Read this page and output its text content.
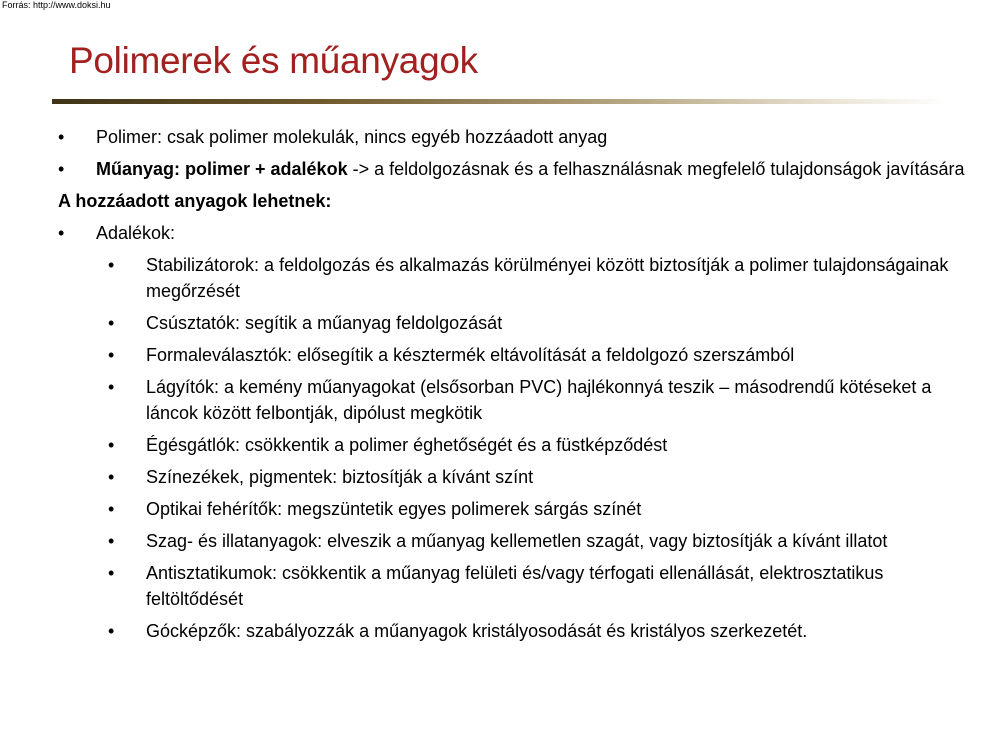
Forrás: http://www.doksi.hu
Polimerek és műanyagok
• Polimer: csak polimer molekulák, nincs egyéb hozzáadott anyag
• Műanyag: polimer + adalékok -> a feldolgozásnak és a felhasználásnak megfelelő tulajdonságok javítására
A hozzáadott anyagok lehetnek:
• Adalékok:
• Stabilizátorok: a feldolgozás és alkalmazás körülményei között biztosítják a polimer tulajdonságainak megőrzését
• Csúsztatók: segítik a műanyag feldolgozását
• Formaleválasztók: elősegítik a késztermék eltávolítását a feldolgozó szerszámból
• Lágyítók: a kemény műanyagokat (elsősorban PVC) hajlékonnyá teszik – másodrendű kötéseket a láncok között felbontják, dipólust megkötik
• Égésgátlók: csökkentik a polimer éghetőségét és a füstképződést
• Színezékek, pigmentek: biztosítják a kívánt színt
• Optikai fehérítők: megszüntetik egyes polimerek sárgás színét
• Szag- és illatanyagok: elveszik a műanyag kellemetlen szagát, vagy biztosítják a kívánt illatot
• Antisztatikumok: csökkentik a műanyag felületi és/vagy térfogati ellenállását, elektrosztatikus feltöltődését
• Gócképzők: szabályozzák a műanyagok kristályosodását és kristályos szerkezetét.
